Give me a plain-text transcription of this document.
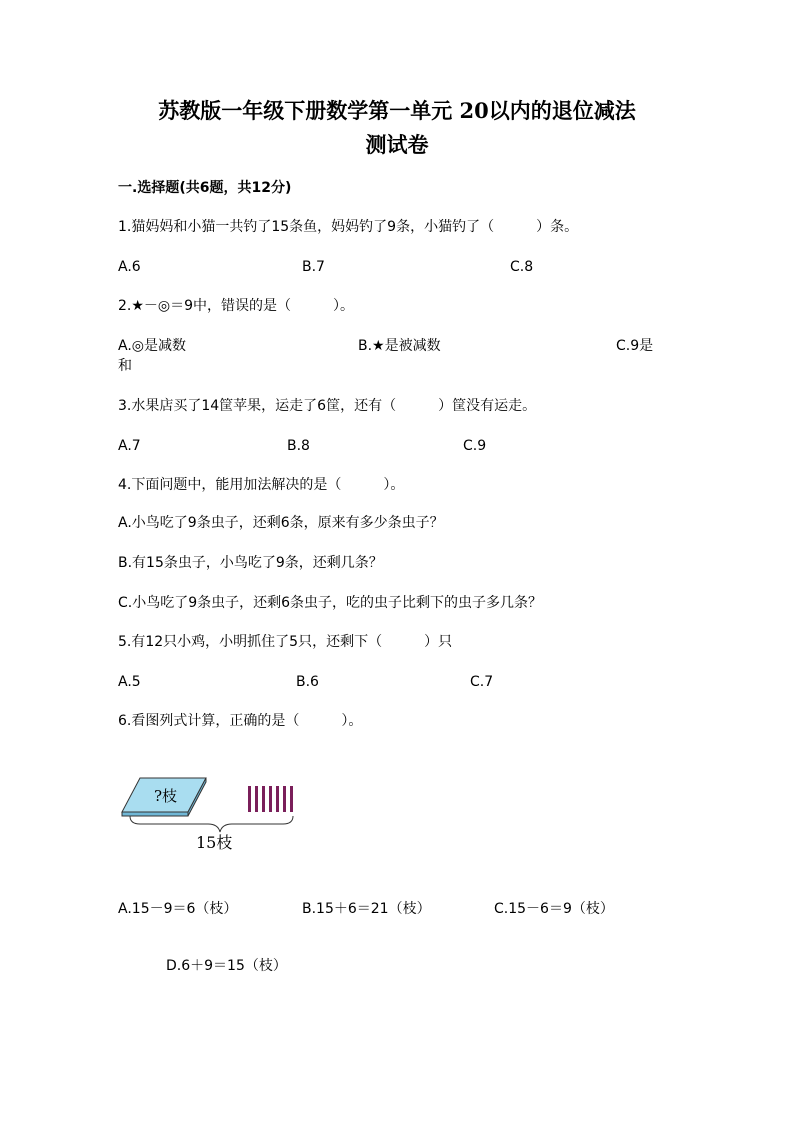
苏教版一年级下册数学第一单元 20以内的退位减法
测试卷
一.选择题(共6题，共12分)
1.猫妈妈和小猫一共钓了15条鱼，妈妈钓了9条，小猫钓了（　　　）条。
A.6	B.7	C.8
2.★－◎＝9中，错误的是（　　　）。
A.◎是减数	B.★是被减数	C.9是
和
3.水果店买了14筐苹果，运走了6筐，还有（　　　）筐没有运走。
A.7	B.8	C.9
4.下面问题中，能用加法解决的是（　　　）。
A.小鸟吃了9条虫子，还剩6条，原来有多少条虫子？
B.有15条虫子，小鸟吃了9条，还剩几条？
C.小鸟吃了9条虫子，还剩6条虫子，吃的虫子比剩下的虫子多几条？
5.有12只小鸡，小明抓住了5只，还剩下（　　　）只
A.5	B.6	C.7
6.看图列式计算，正确的是（　　　）。
?枝
15枝
A.15－9＝6（枝）	B.15＋6＝21（枝）	C.15－6＝9（枝）
D.6＋9＝15（枝）
